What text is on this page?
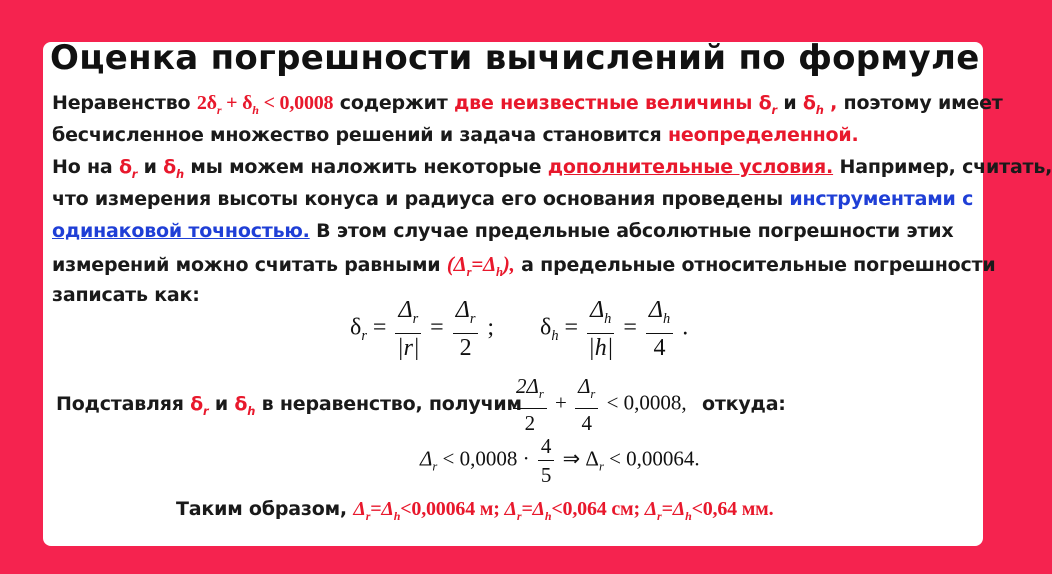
Оценка погрешности вычислений по формуле
Неравенство $2\delta_r + \delta_h < 0,0008$ содержит две неизвестные величины $\delta_r$ и $\delta_h$ , поэтому имеет
бесчисленное множество решений и задача становится неопределенной.
Но на $\delta_r$ и $\delta_h$ мы можем наложить некоторые дополнительные условия. Например, считать,
что измерения высоты конуса и радиуса его основания проведены инструментами с
одинаковой точностью. В этом случае предельные абсолютные погрешности этих
измерений можно считать равными $(\Delta_r=\Delta_h)$, а предельные относительные погрешности
записать как:
$\delta_r = \frac{\Delta_r}{|r|} = \frac{\Delta_r}{2}$ ; $\delta_h = \frac{\Delta_h}{|h|} = \frac{\Delta_h}{4}$ .
Подставляя $\delta_r$ и $\delta_h$ в неравенство, получим
$\frac{2\Delta_r}{2} + \frac{\Delta_r}{4} < 0,0008$, откуда:
$\Delta_r < 0,0008 \cdot \frac{4}{5}$ ⇒ $\Delta_r < 0,00064$.
Таким образом, $\Delta_r=\Delta_h<0,00064$ м; $\Delta_r=\Delta_h<0,064$ см; $\Delta_r=\Delta_h<0,64$ мм.
